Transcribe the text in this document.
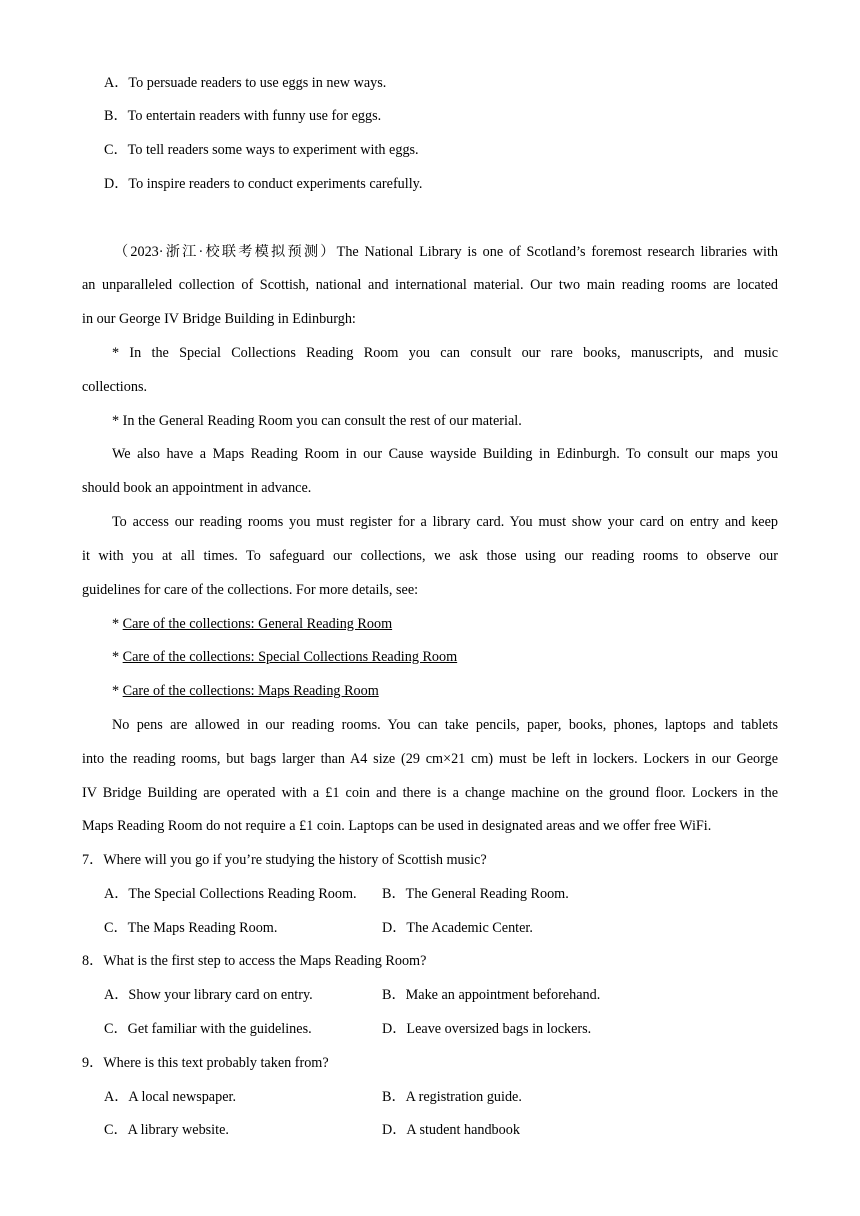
A．To persuade readers to use eggs in new ways.
B．To entertain readers with funny use for eggs.
C．To tell readers some ways to experiment with eggs.
D．To inspire readers to conduct experiments carefully.
（2023·浙江·校联考模拟预测）The National Library is one of Scotland’s foremost research libraries with
an unparalleled collection of Scottish, national and international material. Our two main reading rooms are located
in our George IV Bridge Building in Edinburgh:
* In the Special Collections Reading Room you can consult our rare books, manuscripts, and music
collections.
* In the General Reading Room you can consult the rest of our material.
We also have a Maps Reading Room in our Cause wayside Building in Edinburgh. To consult our maps you
should book an appointment in advance.
To access our reading rooms you must register for a library card. You must show your card on entry and keep
it with you at all times. To safeguard our collections, we ask those using our reading rooms to observe our
guidelines for care of the collections. For more details, see:
* Care of the collections: General Reading Room
* Care of the collections: Special Collections Reading Room
* Care of the collections: Maps Reading Room
No pens are allowed in our reading rooms. You can take pencils, paper, books, phones, laptops and tablets
into the reading rooms, but bags larger than A4 size (29 cm×21 cm) must be left in lockers. Lockers in our George
IV Bridge Building are operated with a £1 coin and there is a change machine on the ground floor. Lockers in the
Maps Reading Room do not require a £1 coin. Laptops can be used in designated areas and we offer free WiFi.
7．Where will you go if you’re studying the history of Scottish music?
A．The Special Collections Reading Room.	B．The General Reading Room.
C．The Maps Reading Room.	D．The Academic Center.
8．What is the first step to access the Maps Reading Room?
A．Show your library card on entry.	B．Make an appointment beforehand.
C．Get familiar with the guidelines.	D．Leave oversized bags in lockers.
9．Where is this text probably taken from?
A．A local newspaper.	B．A registration guide.
C．A library website.	D．A student handbook
